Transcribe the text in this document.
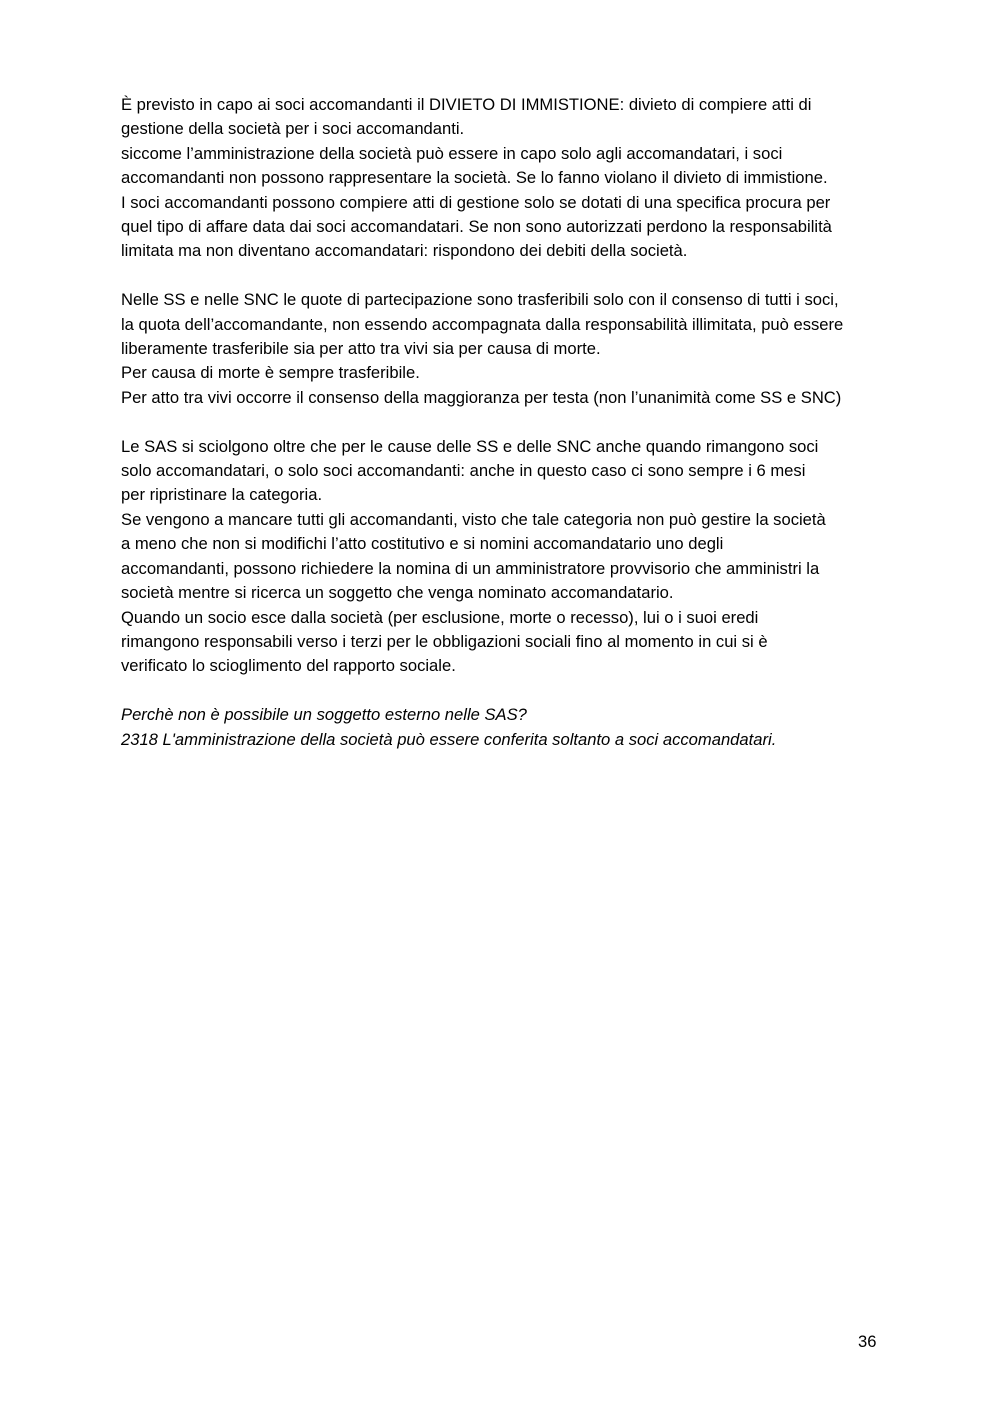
È previsto in capo ai soci accomandanti il DIVIETO DI IMMISTIONE: divieto di compiere atti di
gestione della società per i soci accomandanti.
siccome l’amministrazione della società può essere in capo solo agli accomandatari, i soci
accomandanti non possono rappresentare la società. Se lo fanno violano il divieto di immistione.
I soci accomandanti possono compiere atti di gestione solo se dotati di una specifica procura per
quel tipo di affare data dai soci accomandatari. Se non sono autorizzati perdono la responsabilità
limitata ma non diventano accomandatari: rispondono dei debiti della società.
Nelle SS e nelle SNC le quote di partecipazione sono trasferibili solo con il consenso di tutti i soci,
la quota dell’accomandante, non essendo accompagnata dalla responsabilità illimitata, può essere
liberamente trasferibile sia per atto tra vivi sia per causa di morte.
Per causa di morte è sempre trasferibile.
Per atto tra vivi occorre il consenso della maggioranza per testa (non l’unanimità come SS e SNC)
Le SAS si sciolgono oltre che per le cause delle SS e delle SNC anche quando rimangono soci
solo accomandatari, o solo soci accomandanti: anche in questo caso ci sono sempre i 6 mesi
per ripristinare la categoria.
Se vengono a mancare tutti gli accomandanti, visto che tale categoria non può gestire la società
a meno che non si modifichi l’atto costitutivo e si nomini accomandatario uno degli
accomandanti, possono richiedere la nomina di un amministratore provvisorio che amministri la
società mentre si ricerca un soggetto che venga nominato accomandatario.
Quando un socio esce dalla società (per esclusione, morte o recesso), lui o i suoi eredi
rimangono responsabili verso i terzi per le obbligazioni sociali fino al momento in cui si è
verificato lo scioglimento del rapporto sociale.
Perchè non è possibile un soggetto esterno nelle SAS?
2318 L'amministrazione della società può essere conferita soltanto a soci accomandatari.
36
